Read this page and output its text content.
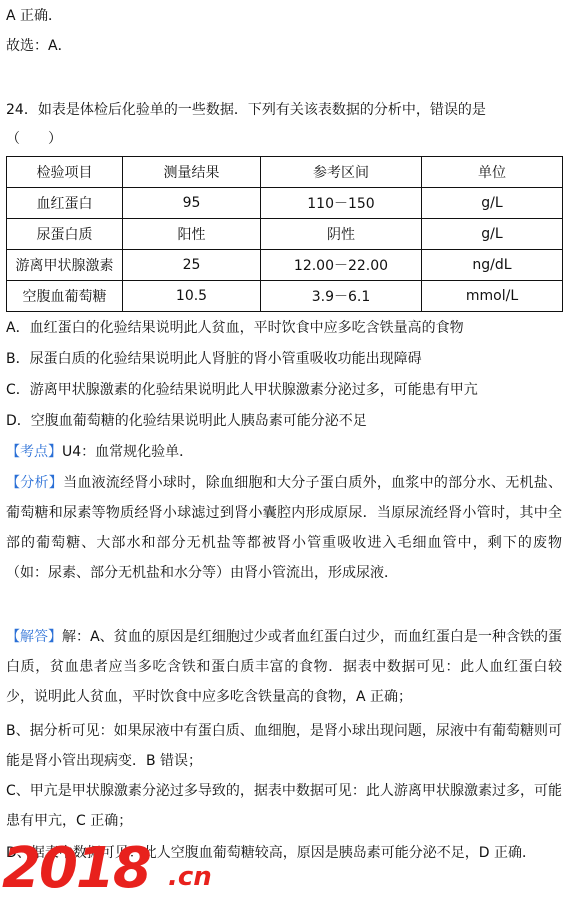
A 正确．
故选：A．
24．如表是体检后化验单的一些数据．下列有关该表数据的分析中，错误的是
（　　）
检验项目	测量结果	参考区间	单位
血红蛋白	95	110－150	g/L
尿蛋白质	阳性	阴性	g/L
游离甲状腺激素	25	12.00－22.00	ng/dL
空腹血葡萄糖	10.5	3.9－6.1	mmol/L
A．血红蛋白的化验结果说明此人贫血，平时饮食中应多吃含铁量高的食物
B．尿蛋白质的化验结果说明此人肾脏的肾小管重吸收功能出现障碍
C．游离甲状腺激素的化验结果说明此人甲状腺激素分泌过多，可能患有甲亢
D．空腹血葡萄糖的化验结果说明此人胰岛素可能分泌不足
【考点】U4：血常规化验单．
【分析】当血液流经肾小球时，除血细胞和大分子蛋白质外，血浆中的部分水、无机盐、葡萄糖和尿素等物质经肾小球滤过到肾小囊腔内形成原尿．当原尿流经肾小管时，其中全部的葡萄糖、大部水和部分无机盐等都被肾小管重吸收进入毛细血管中，剩下的废物（如：尿素、部分无机盐和水分等）由肾小管流出，形成尿液．
【解答】解：A、贫血的原因是红细胞过少或者血红蛋白过少，而血红蛋白是一种含铁的蛋白质，贫血患者应当多吃含铁和蛋白质丰富的食物．据表中数据可见：此人血红蛋白较少，说明此人贫血，平时饮食中应多吃含铁量高的食物，A 正确；
B、据分析可见：如果尿液中有蛋白质、血细胞，是肾小球出现问题，尿液中有葡萄糖则可能是肾小管出现病变．B 错误；
C、甲亢是甲状腺激素分泌过多导致的，据表中数据可见：此人游离甲状腺激素过多，可能患有甲亢，C 正确；
D、据表中数据可见：此人空腹血葡萄糖较高，原因是胰岛素可能分泌不足，D 正确．
2018 .cn
